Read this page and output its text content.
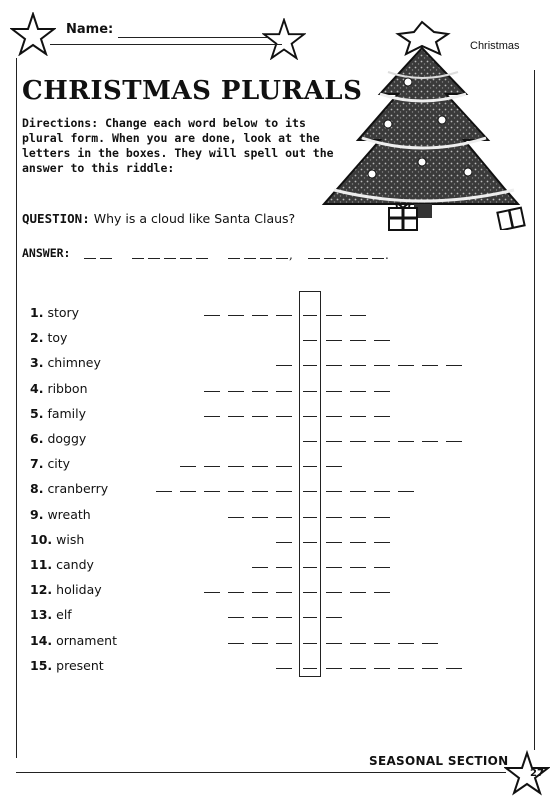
Name:
Christmas
CHRISTMAS PLURALS
Directions: Change each word below to its plural form. When you are done, look at the letters in the boxes. They will spell out the answer to this riddle:
QUESTION: Why is a cloud like Santa Claus?
ANSWER:	,	.
1. story
2. toy
3. chimney
4. ribbon
5. family
6. doggy
7. city
8. cranberry
9. wreath
10. wish
11. candy
12. holiday
13. elf
14. ornament
15. present
SEASONAL SECTION
27
